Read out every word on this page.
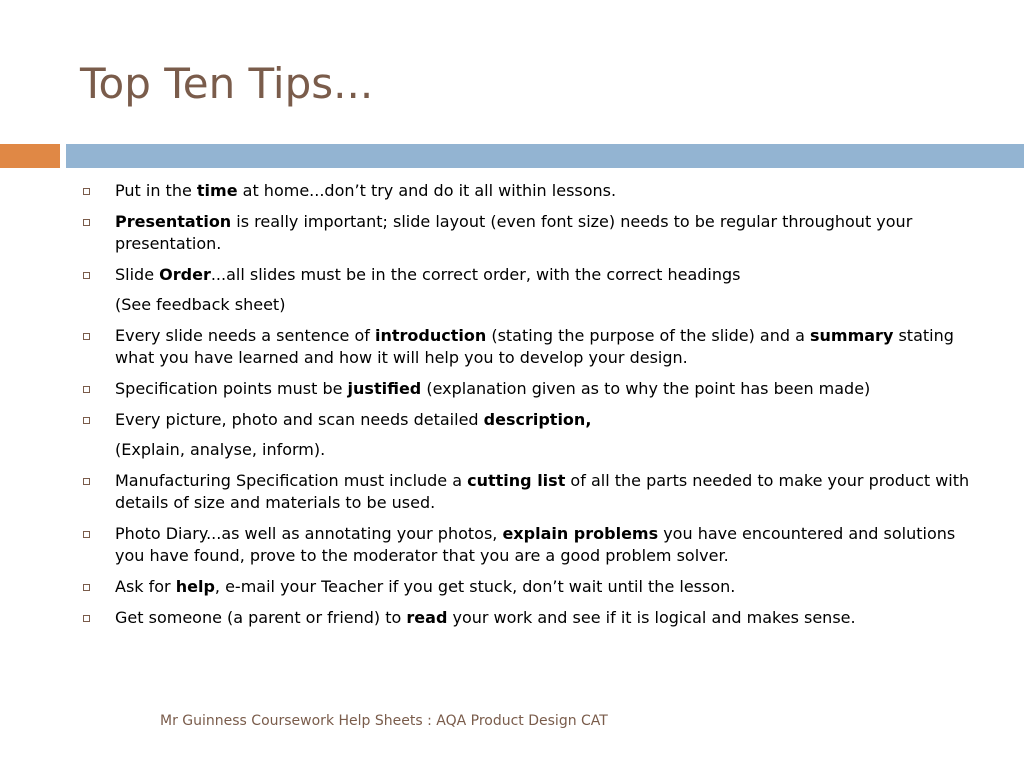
Top Ten Tips...
Put in the time at home...don’t try and do it all within lessons.
Presentation is really important; slide layout (even font size) needs to be regular throughout your presentation.
Slide Order...all slides must be in the correct order, with the correct headings
(See feedback sheet)
Every slide needs a sentence of introduction (stating the purpose of the slide) and a summary stating what you have learned and how it will help you to develop your design.
Specification points must be justified (explanation given as to why the point has been made)
Every picture, photo and scan needs detailed description,
(Explain, analyse, inform).
Manufacturing Specification must include a cutting list of all the parts needed to make your product with details of size and materials to be used.
Photo Diary...as well as annotating your photos, explain problems you have encountered and solutions you have found, prove to the moderator that you are a good problem solver.
Ask for help, e-mail your Teacher if you get stuck, don’t wait until the lesson.
Get someone (a parent or friend) to read your work and see if it is logical and makes sense.
Mr Guinness Coursework Help Sheets : AQA Product Design CAT
